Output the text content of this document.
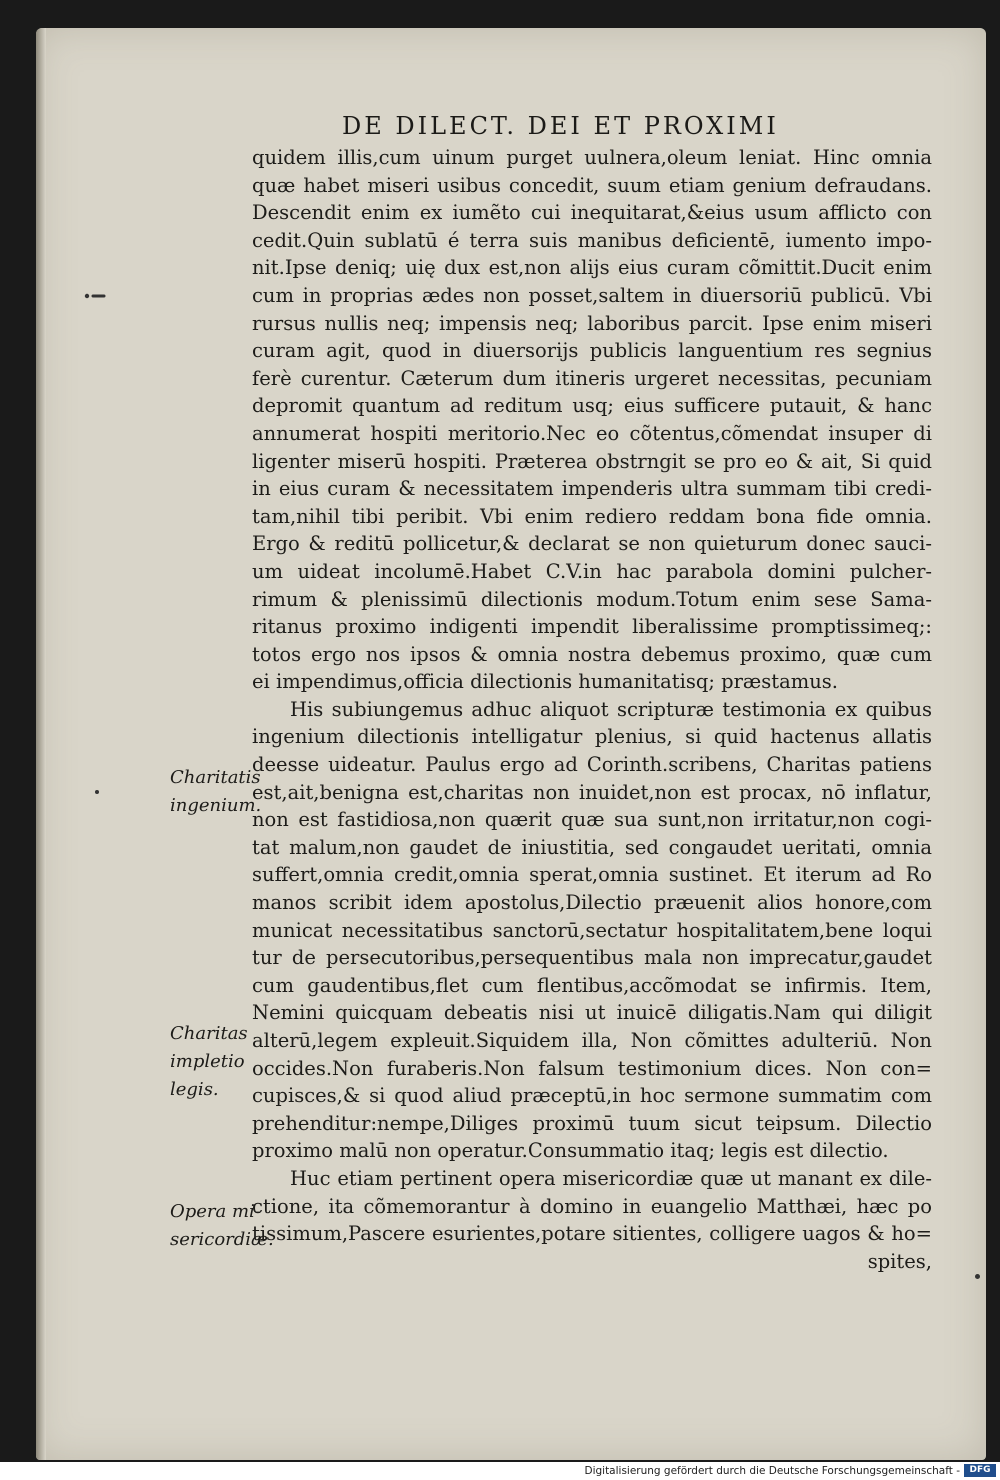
DE DILECT. DEI ET PROXIMI
quidem illis,cum uinum purget uulnera,oleum leniat. Hinc omnia
quæ habet miseri usibus concedit, suum etiam genium defraudans.
Descendit enim ex iumẽto cui inequitarat,&eius usum afflicto con
cedit.Quin sublatū é terra suis manibus deficientē, iumento impo-
nit.Ipse deniq; uię dux est,non alijs eius curam cõmittit.Ducit enim
cum in proprias ædes non posset,saltem in diuersoriū publicū. Vbi
rursus nullis neq; impensis neq; laboribus parcit. Ipse enim miseri
curam agit, quod in diuersorijs publicis languentium res segnius
ferè curentur. Cæterum dum itineris urgeret necessitas, pecuniam
depromit quantum ad reditum usq; eius sufficere putauit, & hanc
annumerat hospiti meritorio.Nec eo cõtentus,cõmendat insuper di
ligenter miserū hospiti. Præterea obstrngit se pro eo & ait, Si quid
in eius curam & necessitatem impenderis ultra summam tibi credi-
tam,nihil tibi peribit. Vbi enim rediero reddam bona fide omnia.
Ergo & reditū pollicetur,& declarat se non quieturum donec sauci-
um uideat incolumē.Habet C.V.in hac parabola domini pulcher-
rimum & plenissimū dilectionis modum.Totum enim sese Sama-
ritanus proximo indigenti impendit liberalissime promptissimeq;:
totos ergo nos ipsos & omnia nostra debemus proximo, quæ cum
ei impendimus,officia dilectionis humanitatisq; præstamus.
His subiungemus adhuc aliquot scripturæ testimonia ex quibus
ingenium dilectionis intelligatur plenius, si quid hactenus allatis
deesse uideatur. Paulus ergo ad Corinth.scribens, Charitas patiens
est,ait,benigna est,charitas non inuidet,non est procax, nō inflatur,
non est fastidiosa,non quærit quæ sua sunt,non irritatur,non cogi-
tat malum,non gaudet de iniustitia, sed congaudet ueritati, omnia
suffert,omnia credit,omnia sperat,omnia sustinet. Et iterum ad Ro
manos scribit idem apostolus,Dilectio præuenit alios honore,com
municat necessitatibus sanctorū,sectatur hospitalitatem,bene loqui
tur de persecutoribus,persequentibus mala non imprecatur,gaudet
cum gaudentibus,flet cum flentibus,accõmodat se infirmis. Item,
Nemini quicquam debeatis nisi ut inuicē diligatis.Nam qui diligit
alterū,legem expleuit.Siquidem illa, Non cõmittes adulteriū. Non
occides.Non furaberis.Non falsum testimonium dices. Non con=
cupisces,& si quod aliud præceptū,in hoc sermone summatim com
prehenditur:nempe,Diliges proximū tuum sicut teipsum. Dilectio
proximo malū non operatur.Consummatio itaq; legis est dilectio.
Huc etiam pertinent opera misericordiæ quæ ut manant ex dile-
ctione, ita cõmemorantur à domino in euangelio Matthæi, hæc po
tissimum,Pascere esurientes,potare sitientes, colligere uagos & ho=
spites,
Charitatis
ingenium.
Charitas
impletio
legis.
Opera mi-
sericordiæ.
Digitalisierung gefördert durch die Deutsche Forschungsgemeinschaft -	DFG
